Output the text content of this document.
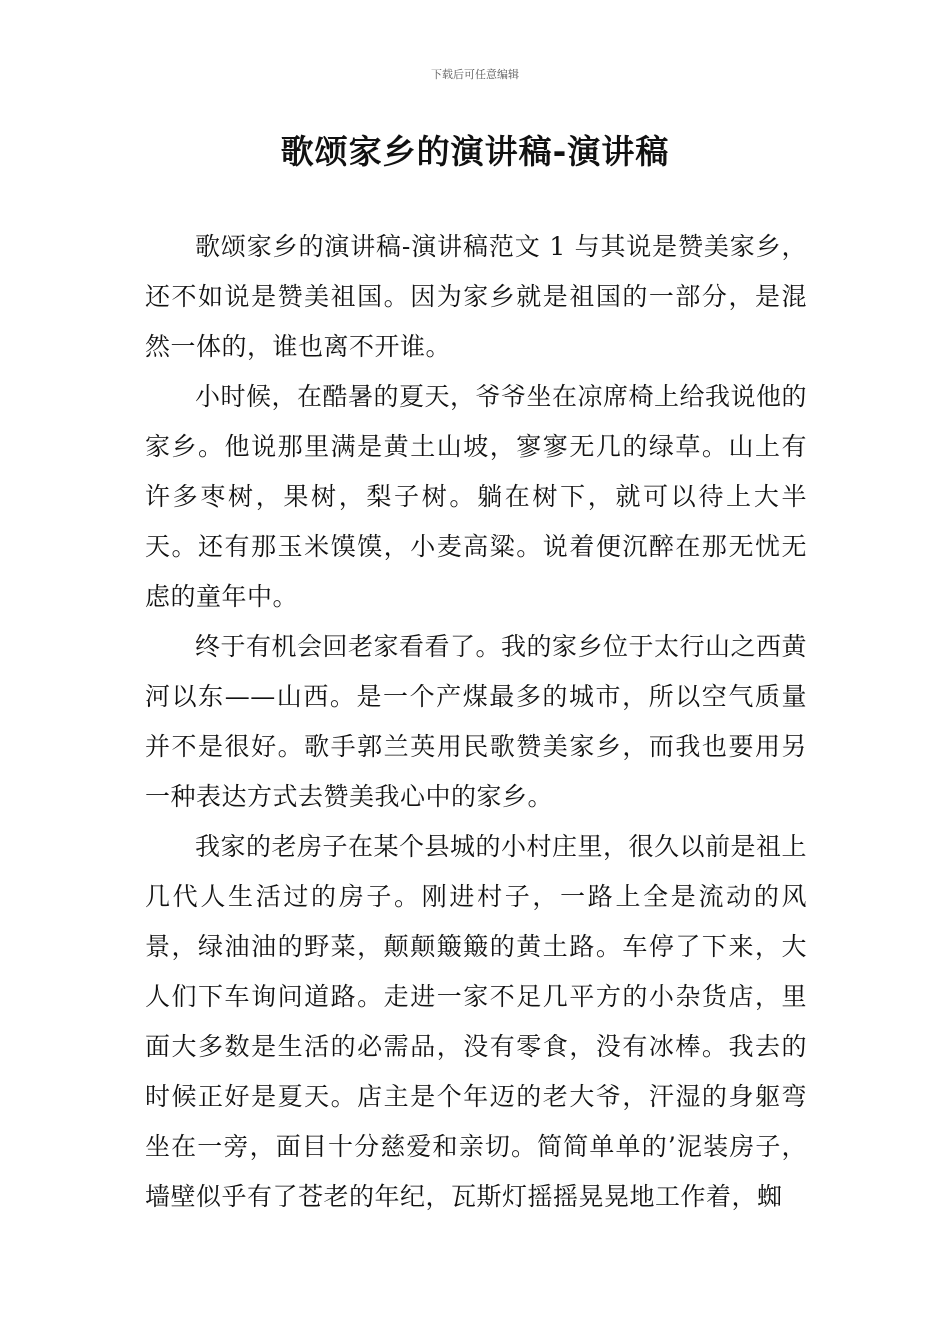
下载后可任意编辑
歌颂家乡的演讲稿-演讲稿

歌颂家乡的演讲稿-演讲稿范文 1 与其说是赞美家乡，还不如说是赞美祖国。因为家乡就是祖国的一部分，是混然一体的，谁也离不开谁。

小时候，在酷暑的夏天，爷爷坐在凉席椅上给我说他的家乡。他说那里满是黄土山坡，寥寥无几的绿草。山上有许多枣树，果树，梨子树。躺在树下，就可以待上大半天。还有那玉米馍馍，小麦高粱。说着便沉醉在那无忧无虑的童年中。

终于有机会回老家看看了。我的家乡位于太行山之西黄河以东——山西。是一个产煤最多的城市，所以空气质量并不是很好。歌手郭兰英用民歌赞美家乡，而我也要用另一种表达方式去赞美我心中的家乡。

我家的老房子在某个县城的小村庄里，很久以前是祖上几代人生活过的房子。刚进村子，一路上全是流动的风景，绿油油的野菜，颠颠簸簸的黄土路。车停了下来，大人们下车询问道路。走进一家不足几平方的小杂货店，里面大多数是生活的必需品，没有零食，没有冰棒。我去的时候正好是夏天。店主是个年迈的老大爷，汗湿的身躯弯坐在一旁，面目十分慈爱和亲切。简简单单的’泥装房子，墙壁似乎有了苍老的年纪，瓦斯灯摇摇晃晃地工作着，蜘
